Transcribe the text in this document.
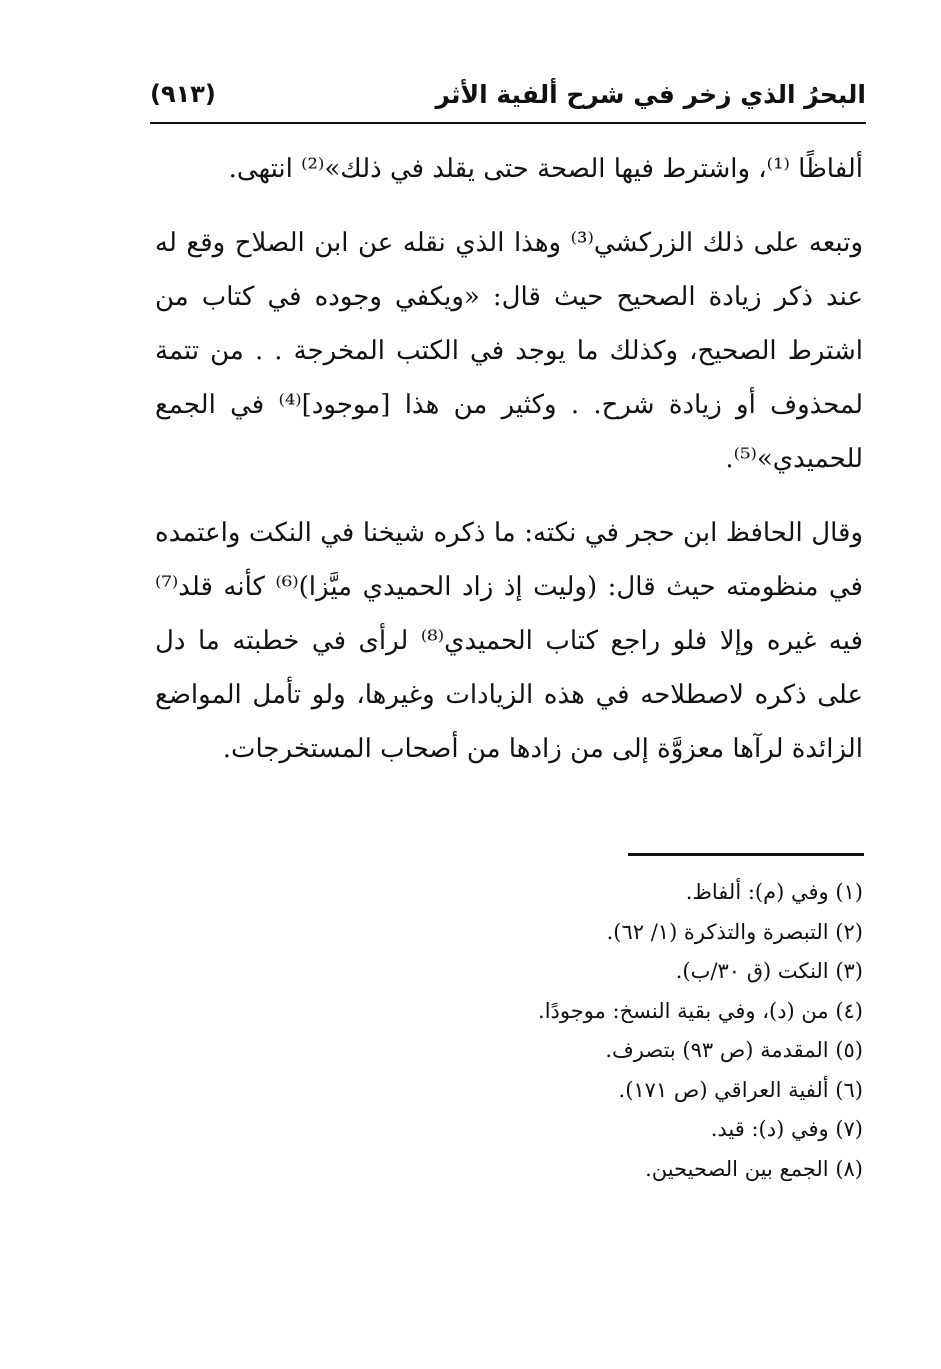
البحرُ الذي زخر في شرح ألفية الأثر
(٩١٣)

ألفاظًا ⁽¹⁾، واشترط فيها الصحة حتى يقلد في ذلك»⁽²⁾ انتهى.

وتبعه على ذلك الزركشي⁽³⁾ وهذا الذي نقله عن ابن الصلاح وقع له عند ذكر زيادة الصحيح حيث قال: «ويكفي وجوده في كتاب من اشترط الصحيح، وكذلك ما يوجد في الكتب المخرجة . . من تتمة لمحذوف أو زيادة شرح. . وكثير من هذا [موجود]⁽⁴⁾ في الجمع للحميدي»⁽⁵⁾.

وقال الحافظ ابن حجر في نكته: ما ذكره شيخنا في النكت واعتمده في منظومته حيث قال: (وليت إذ زاد الحميدي ميَّزا)⁽⁶⁾ كأنه قلد⁽⁷⁾ فيه غيره وإلا فلو راجع كتاب الحميدي⁽⁸⁾ لرأى في خطبته ما دل على ذكره لاصطلاحه في هذه الزيادات وغيرها، ولو تأمل المواضع الزائدة لرآها معزوَّة إلى من زادها من أصحاب المستخرجات.

(١) وفي (م): ألفاظ.

(٢) التبصرة والتذكرة (١/ ٦٢).

(٣) النكت (ق ٣٠/ب).

(٤) من (د)، وفي بقية النسخ: موجودًا.

(٥) المقدمة (ص ٩٣) بتصرف.

(٦) ألفية العراقي (ص ١٧١).

(٧) وفي (د): قيد.

(٨) الجمع بين الصحيحين.
